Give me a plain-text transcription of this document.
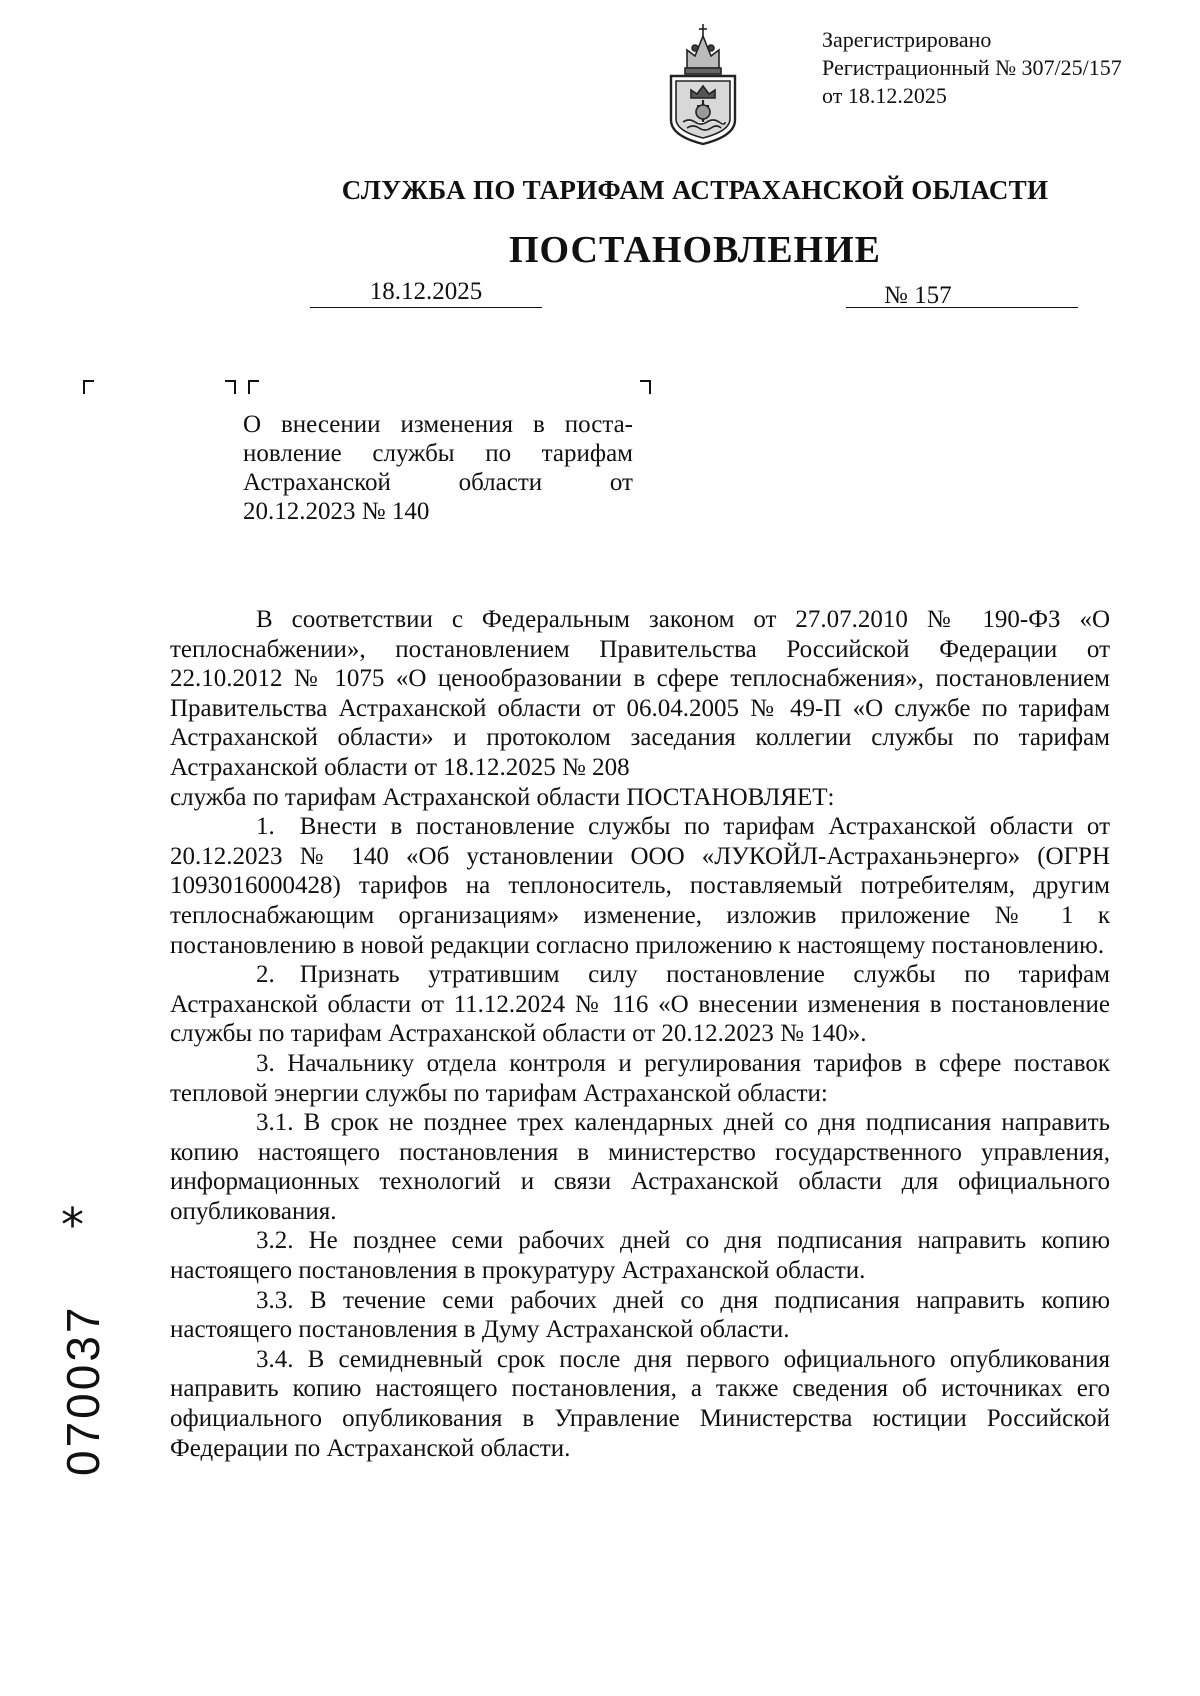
Зарегистрировано
Регистрационный № 307/25/157
от 18.12.2025
СЛУЖБА ПО ТАРИФАМ АСТРАХАНСКОЙ ОБЛАСТИ
ПОСТАНОВЛЕНИЕ
18.12.2025	№ 157
О внесении изменения в поста-
новление службы по тарифам
Астраханской области от
20.12.2023 № 140

В соответствии с Федеральным законом от 27.07.2010 № 190-ФЗ «О теплоснабжении», постановлением Правительства Российской Федерации от 22.10.2012 № 1075 «О ценообразовании в сфере теплоснабжения», постановлением Правительства Астраханской области от 06.04.2005 № 49-П «О службе по тарифам Астраханской области» и протоколом заседания коллегии службы по тарифам Астраханской области от 18.12.2025 № 208

служба по тарифам Астраханской области ПОСТАНОВЛЯЕТ:

1. Внести в постановление службы по тарифам Астраханской области от 20.12.2023 № 140 «Об установлении ООО «ЛУКОЙЛ-Астраханьэнерго» (ОГРН 1093016000428) тарифов на теплоноситель, поставляемый потребителям, другим теплоснабжающим организациям» изменение, изложив приложение № 1 к постановлению в новой редакции согласно приложению к настоящему постановлению.

2. Признать утратившим силу постановление службы по тарифам Астраханской области от 11.12.2024 № 116 «О внесении изменения в постановление службы по тарифам Астраханской области от 20.12.2023 № 140».

3. Начальнику отдела контроля и регулирования тарифов в сфере поставок тепловой энергии службы по тарифам Астраханской области:

3.1. В срок не позднее трех календарных дней со дня подписания направить копию настоящего постановления в министерство государственного управления, информационных технологий и связи Астраханской области для официального опубликования.

3.2. Не позднее семи рабочих дней со дня подписания направить копию настоящего постановления в прокуратуру Астраханской области.

3.3. В течение семи рабочих дней со дня подписания направить копию настоящего постановления в Думу Астраханской области.

3.4. В семидневный срок после дня первого официального опубликования направить копию настоящего постановления, а также сведения об источниках его официального опубликования в Управление Министерства юстиции Российской Федерации по Астраханской области.

*
070037
